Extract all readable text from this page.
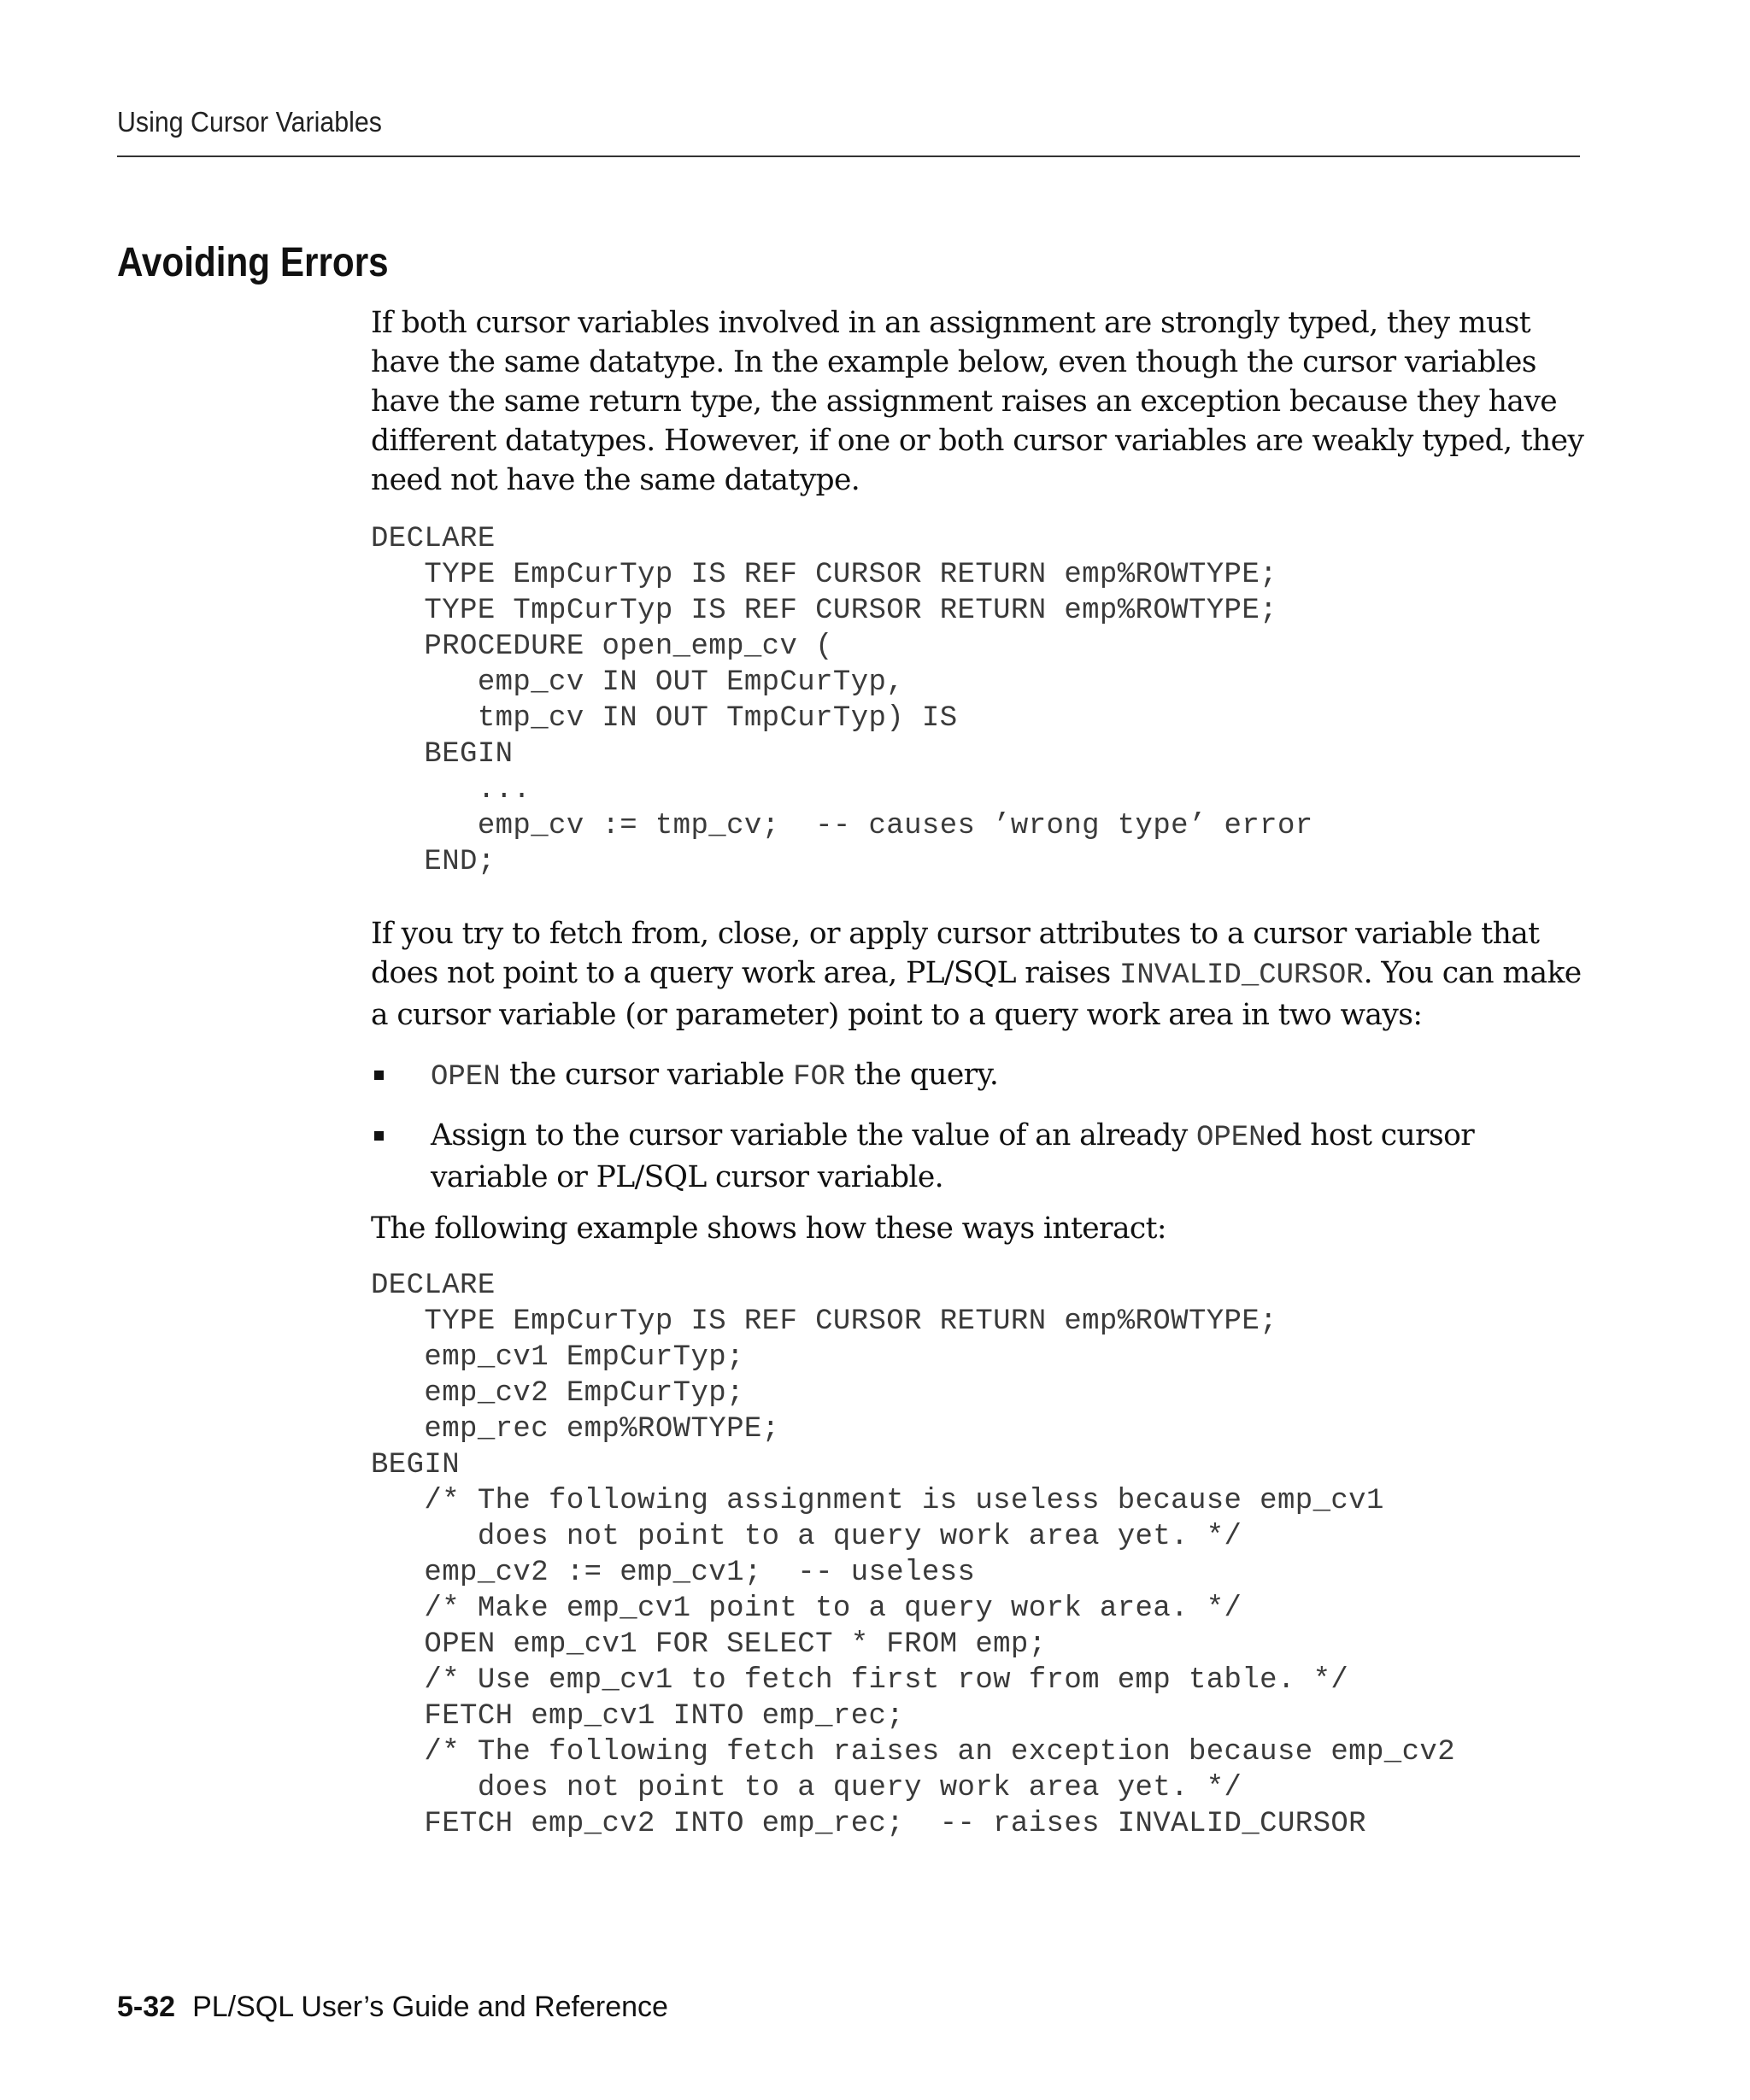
Using Cursor Variables
Avoiding Errors

If both cursor variables involved in an assignment are strongly typed, they must have the same datatype. In the example below, even though the cursor variables have the same return type, the assignment raises an exception because they have different datatypes. However, if one or both cursor variables are weakly typed, they need not have the same datatype.

DECLARE
TYPE EmpCurTyp IS REF CURSOR RETURN emp%ROWTYPE;
TYPE TmpCurTyp IS REF CURSOR RETURN emp%ROWTYPE;
PROCEDURE open_emp_cv (
emp_cv IN OUT EmpCurTyp,
tmp_cv IN OUT TmpCurTyp) IS
BEGIN
...
emp_cv := tmp_cv;  -- causes ’wrong type’ error
END;

If you try to fetch from, close, or apply cursor attributes to a cursor variable that does not point to a query work area, PL/SQL raises INVALID_CURSOR. You can make a cursor variable (or parameter) point to a query work area in two ways:

OPEN the cursor variable FOR the query.
Assign to the cursor variable the value of an already OPENed host cursor variable or PL/SQL cursor variable.

The following example shows how these ways interact:

DECLARE
TYPE EmpCurTyp IS REF CURSOR RETURN emp%ROWTYPE;
emp_cv1 EmpCurTyp;
emp_cv2 EmpCurTyp;
emp_rec emp%ROWTYPE;
BEGIN
/* The following assignment is useless because emp_cv1
does not point to a query work area yet. */
emp_cv2 := emp_cv1;  -- useless
/* Make emp_cv1 point to a query work area. */
OPEN emp_cv1 FOR SELECT * FROM emp;
/* Use emp_cv1 to fetch first row from emp table. */
FETCH emp_cv1 INTO emp_rec;
/* The following fetch raises an exception because emp_cv2
does not point to a query work area yet. */
FETCH emp_cv2 INTO emp_rec;  -- raises INVALID_CURSOR
5-32 PL/SQL User’s Guide and Reference
